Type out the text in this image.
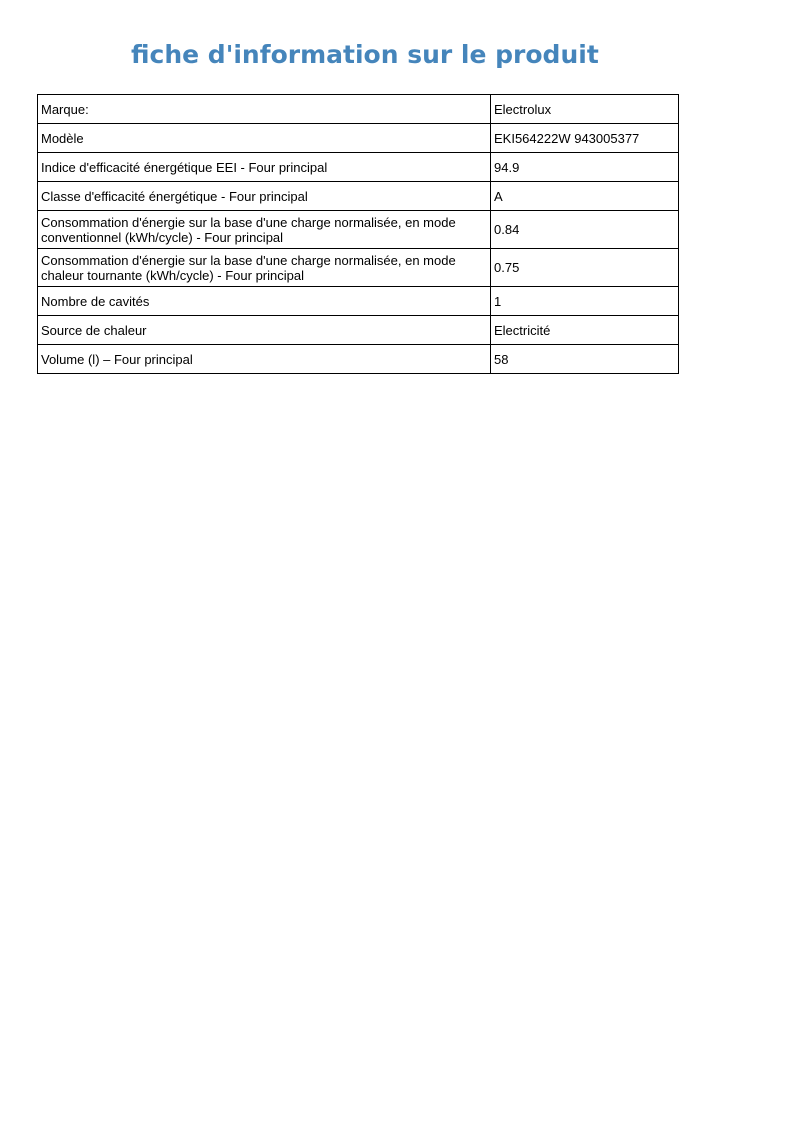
fiche d'information sur le produit
Marque:	Electrolux
Modèle	EKI564222W 943005377
Indice d'efficacité énergétique EEI - Four principal	94.9
Classe d'efficacité énergétique - Four principal	A
Consommation d'énergie sur la base d'une charge normalisée, en mode conventionnel (kWh/cycle) - Four principal	0.84
Consommation d'énergie sur la base d'une charge normalisée, en mode chaleur tournante (kWh/cycle) - Four principal	0.75
Nombre de cavités	1
Source de chaleur	Electricité
Volume (l) – Four principal	58
